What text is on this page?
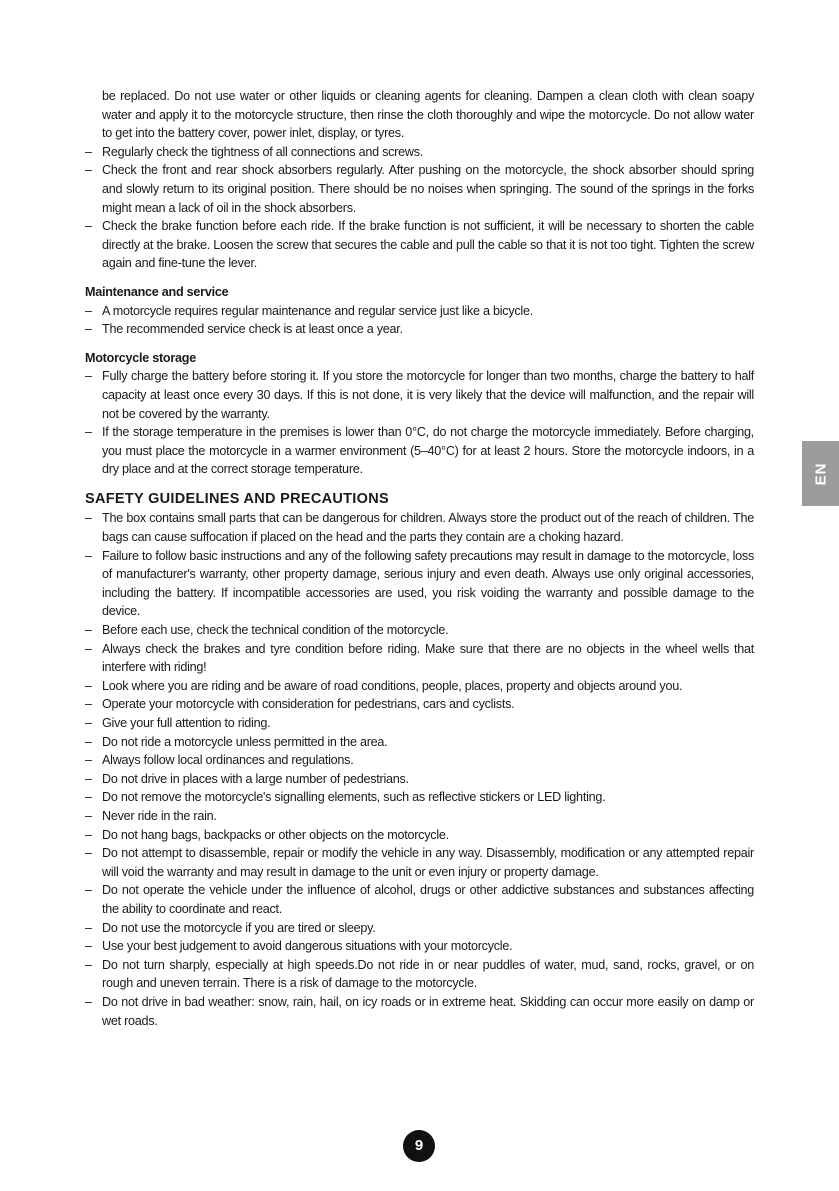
be replaced. Do not use water or other liquids or cleaning agents for cleaning. Dampen a clean cloth with clean soapy water and apply it to the motorcycle structure, then rinse the cloth thoroughly and wipe the motorcycle. Do not allow water to get into the battery cover, power inlet, display, or tyres.

– Regularly check the tightness of all connections and screws.

– Check the front and rear shock absorbers regularly. After pushing on the motorcycle, the shock absorber should spring and slowly return to its original position. There should be no noises when springing. The sound of the springs in the forks might mean a lack of oil in the shock absorbers.

– Check the brake function before each ride. If the brake function is not sufficient, it will be necessary to shorten the cable directly at the brake. Loosen the screw that secures the cable and pull the cable so that it is not too tight. Tighten the screw again and fine-tune the lever.

Maintenance and service

– A motorcycle requires regular maintenance and regular service just like a bicycle.

– The recommended service check is at least once a year.

Motorcycle storage

– Fully charge the battery before storing it. If you store the motorcycle for longer than two months, charge the battery to half capacity at least once every 30 days. If this is not done, it is very likely that the device will malfunction, and the repair will not be covered by the warranty.

– If the storage temperature in the premises is lower than 0°C, do not charge the motorcycle immediately. Before charging, you must place the motorcycle in a warmer environment (5–40°C) for at least 2 hours. Store the motorcycle indoors, in a dry place and at the correct storage temperature.

SAFETY GUIDELINES AND PRECAUTIONS

– The box contains small parts that can be dangerous for children. Always store the product out of the reach of children. The bags can cause suffocation if placed on the head and the parts they contain are a choking hazard.

– Failure to follow basic instructions and any of the following safety precautions may result in damage to the motorcycle, loss of manufacturer's warranty, other property damage, serious injury and even death. Always use only original accessories, including the battery. If incompatible accessories are used, you risk voiding the warranty and possible damage to the device.

– Before each use, check the technical condition of the motorcycle.

– Always check the brakes and tyre condition before riding. Make sure that there are no objects in the wheel wells that interfere with riding!

– Look where you are riding and be aware of road conditions, people, places, property and objects around you.

– Operate your motorcycle with consideration for pedestrians, cars and cyclists.

– Give your full attention to riding.

– Do not ride a motorcycle unless permitted in the area.

– Always follow local ordinances and regulations.

– Do not drive in places with a large number of pedestrians.

– Do not remove the motorcycle's signalling elements, such as reflective stickers or LED lighting.

– Never ride in the rain.

– Do not hang bags, backpacks or other objects on the motorcycle.

– Do not attempt to disassemble, repair or modify the vehicle in any way. Disassembly, modification or any attempted repair will void the warranty and may result in damage to the unit or even injury or property damage.

– Do not operate the vehicle under the influence of alcohol, drugs or other addictive substances and substances affecting the ability to coordinate and react.

– Do not use the motorcycle if you are tired or sleepy.

– Use your best judgement to avoid dangerous situations with your motorcycle.

– Do not turn sharply, especially at high speeds.Do not ride in or near puddles of water, mud, sand, rocks, gravel, or on rough and uneven terrain. There is a risk of damage to the motorcycle.

– Do not drive in bad weather: snow, rain, hail, on icy roads or in extreme heat. Skidding can occur more easily on damp or wet roads.

EN
9
